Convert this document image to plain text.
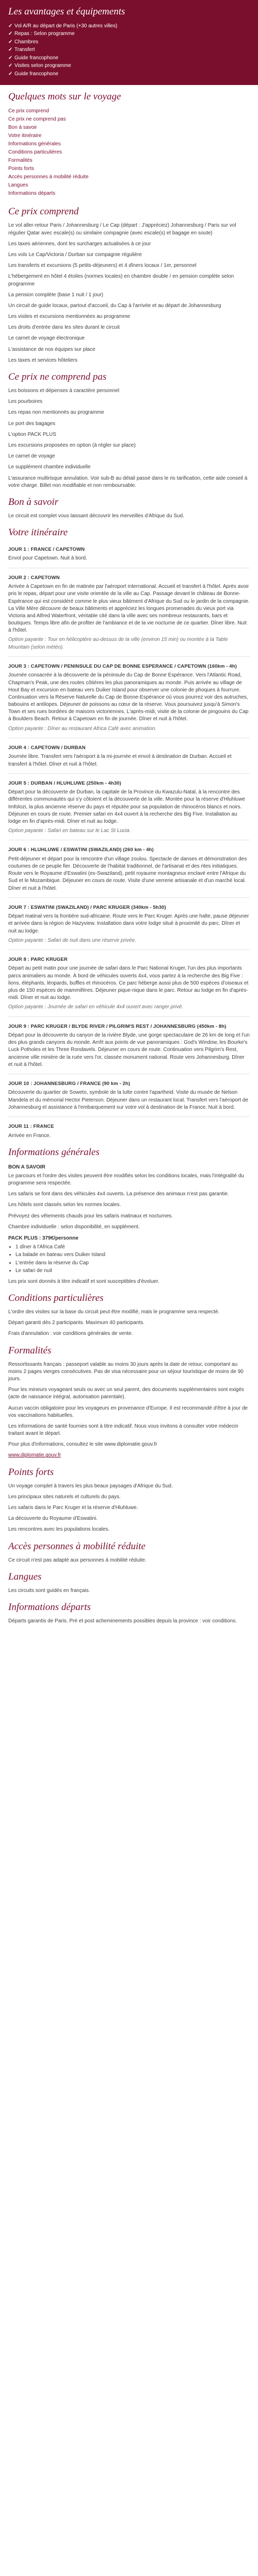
Les avantages et équipements
✓ Vol A/R au départ de Paris (+30 autres villes)
✓ Repas : Selon programme
✓ Chambres
✓ Transfert
✓ Guide francophone
✓ Visites selon programme
✓ Guide francophone
Quelques mots sur le voyage
Ce prix comprend
Ce prix ne comprend pas
Bon à savoir
Votre itinéraire
Informations générales
Conditions particulières
Formalités
Points forts
Accès personnes à mobilité réduite
Langues
Informations départs
Ce prix comprend

Le vol aller-retour Paris / Johannesburg / Le Cap (départ : J'appréciez) Johannesburg / Paris sur vol régulier Qatar avec escale(s) ou similaire compagnie (avec escale(s) et bagage en soute)

Les taxes aériennes, dont les surcharges actualisées à ce jour

Les vols Le Cap/Victoria / Durban sur compagnie régulière

Les transferts et excursions (5 petits-déjeuners) et 4 dîners locaux / 1er, personnel

L'hébergement en hôtel 4 étoiles (normes locales) en chambre double / en pension complète selon programme

La pension complète (base 1 nuit / 1 jour)

Un circuit de guide locaux, partout d'accueil, du Cap à l'arrivée et au départ de Johannesburg

Les visites et excursions mentionnées au programme

Les droits d'entrée dans les sites durant le circuit

Le carnet de voyage électronique

L'assistance de nos équipes sur place

Les taxes et services hôteliers

Ce prix ne comprend pas

Les boissons et dépenses à caractère personnel

Les pourboires

Les repas non mentionnés au programme

Le port des bagages

L'option PACK PLUS

Les excursions proposées en option (à régler sur place)

Le carnet de voyage

Le supplément chambre individuelle

L'assurance multirisque annulation. Voir sub-B au détail passé dans le ris tarification, cette aide conseil à votre charge. Billet non modifiable et non remboursable.

Bon à savoir

Le circuit est complet vous laissant découvrir les merveilles d'Afrique du Sud.

Votre itinéraire
JOUR 1 : FRANCE / CAPETOWN

Envol pour Capetown. Nuit à bord.

JOUR 2 : CAPETOWN

Arrivée à Capetown en fin de matinée par l'aéroport international. Accueil et transfert à l'hôtel. Après avoir pris le repas, départ pour une visite orientée de la ville au Cap. Passage devant le château de Bonne-Espérance qui est considéré comme le plus vieux bâtiment d'Afrique du Sud ou le jardin de la compagnie. La Ville Mère découvre de beaux bâtiments et appréciez les longues promenades du vieux port via Victoria and Alfred Waterfront, véritable cité dans la ville avec ses nombreux restaurants, bars et boutiques. Temps libre afin de profiter de l'ambiance et de la vie nocturne de ce quartier. Dîner libre. Nuit à l'hôtel.

Option payante : Tour en hélicoptère au-dessus de la ville (environ 15 min) ou montée à la Table Mountain (selon météo).

JOUR 3 : CAPETOWN / PENINSULE DU CAP DE BONNE ESPERANCE / CAPETOWN (160km - 4h)

Journée consacrée à la découverte de la péninsule du Cap de Bonne Espérance. Vers l'Atlantic Road, Chapman's Peak, une des routes côtières les plus panoramiques au monde. Puis arrivée au village de Hout Bay et excursion en bateau vers Duiker Island pour observer une colonie de phoques à fourrure. Continuation vers la Réserve Naturelle du Cap de Bonne-Espérance où vous pourrez voir des autruches, babouins et antilopes. Déjeuner de poissons au cœur de la réserve. Vous poursuivez jusqu'à Simon's Town et ses rues bordées de maisons victoriennes. L'après-midi, visite de la colonie de pingouins du Cap à Boulders Beach. Retour à Capetown en fin de journée. Dîner et nuit à l'hôtel.

Option payante : Dîner au restaurant Africa Café avec animation.

JOUR 4 : CAPETOWN / DURBAN

Journée libre. Transfert vers l'aéroport à la mi-journée et envol à destination de Durban. Accueil et transfert à l'hôtel. Dîner et nuit à l'hôtel.

JOUR 5 : DURBAN / HLUHLUWE (250km - 4h30)

Départ pour la découverte de Durban, la capitale de la Province du Kwazulu-Natal, à la rencontre des différentes communautés qui s'y côtoient et la découverte de la ville. Montée pour la réserve d'Hluhluwe Imfolozi, la plus ancienne réserve du pays et réputée pour sa population de rhinocéros blancs et noirs. Déjeuner en cours de route. Premier safari en 4x4 ouvert à la recherche des Big Five. Installation au lodge en fin d'après-midi. Dîner et nuit au lodge.

Option payante : Safari en bateau sur le Lac St Lucia.

JOUR 6 : HLUHLUWE / ESWATINI (SWAZILAND) (260 km - 4h)

Petit-déjeuner et départ pour la rencontre d'un village zoulou. Spectacle de danses et démonstration des coutumes de ce peuple fier. Découverte de l'habitat traditionnel, de l'artisanat et des rites initiatiques. Route vers le Royaume d'Eswatini (ex-Swaziland), petit royaume montagneux enclavé entre l'Afrique du Sud et le Mozambique. Déjeuner en cours de route. Visite d'une verrerie artisanale et d'un marché local. Dîner et nuit à l'hôtel.

JOUR 7 : ESWATINI (SWAZILAND) / PARC KRUGER (340km - 5h30)

Départ matinal vers la frontière sud-africaine. Route vers le Parc Kruger. Après une halte, pause déjeuner et arrivée dans la région de Hazyview. Installation dans votre lodge situé à proximité du parc. Dîner et nuit au lodge.

Option payante : Safari de nuit dans une réserve privée.

JOUR 8 : PARC KRUGER

Départ au petit matin pour une journée de safari dans le Parc National Kruger, l'un des plus importants parcs animaliers au monde. À bord de véhicules ouverts 4x4, vous partez à la recherche des Big Five : lions, éléphants, léopards, buffles et rhinocéros. Ce parc héberge aussi plus de 500 espèces d'oiseaux et plus de 150 espèces de mammifères. Déjeuner pique-nique dans le parc. Retour au lodge en fin d'après-midi. Dîner et nuit au lodge.

Option payante : Journée de safari en véhicule 4x4 ouvert avec ranger privé.

JOUR 9 : PARC KRUGER / BLYDE RIVER / PILGRIM'S REST / JOHANNESBURG (450km - 8h)

Départ pour la découverte du canyon de la rivière Blyde, une gorge spectaculaire de 26 km de long et l'un des plus grands canyons du monde. Arrêt aux points de vue panoramiques : God's Window, les Bourke's Luck Potholes et les Three Rondavels. Déjeuner en cours de route. Continuation vers Pilgrim's Rest, ancienne ville minière de la ruée vers l'or, classée monument national. Route vers Johannesburg. Dîner et nuit à l'hôtel.

JOUR 10 : JOHANNESBURG / FRANCE (90 km - 2h)

Découverte du quartier de Soweto, symbole de la lutte contre l'apartheid. Visite du musée de Nelson Mandela et du mémorial Hector Pieterson. Déjeuner dans un restaurant local. Transfert vers l'aéroport de Johannesburg et assistance à l'embarquement sur votre vol à destination de la France. Nuit à bord.

JOUR 11 : FRANCE

Arrivée en France.

Informations générales
BON A SAVOIR

Le parcours et l'ordre des visites peuvent être modifiés selon les conditions locales, mais l'intégralité du programme sera respectée.

Les safaris se font dans des véhicules 4x4 ouverts. La présence des animaux n'est pas garantie.

Les hôtels sont classés selon les normes locales.

Prévoyez des vêtements chauds pour les safaris matinaux et nocturnes.

Chambre individuelle : selon disponibilité, en supplément.

PACK PLUS : 379€/personne
• 1 dîner à l'Africa Café
• La balade en bateau vers Duiker Island
• L'entrée dans la réserve du Cap
• Le safari de nuit

Les prix sont donnés à titre indicatif et sont susceptibles d'évoluer.

Conditions particulières

L'ordre des visites sur la base du circuit peut être modifié, mais le programme sera respecté.

Départ garanti dès 2 participants. Maximum 40 participants.

Frais d'annulation : voir conditions générales de vente.

Formalités

Ressortissants français : passeport valable au moins 30 jours après la date de retour, comportant au moins 2 pages vierges consécutives. Pas de visa nécessaire pour un séjour touristique de moins de 90 jours.

Pour les mineurs voyageant seuls ou avec un seul parent, des documents supplémentaires sont exigés (acte de naissance intégral, autorisation parentale).

Aucun vaccin obligatoire pour les voyageurs en provenance d'Europe. Il est recommandé d'être à jour de vos vaccinations habituelles.

Les informations de santé fournies sont à titre indicatif. Nous vous invitons à consulter votre médecin traitant avant le départ.

Pour plus d'informations, consultez le site www.diplomatie.gouv.fr

www.diplomatie.gouv.fr

Points forts

Un voyage complet à travers les plus beaux paysages d'Afrique du Sud.

Les principaux sites naturels et culturels du pays.

Les safaris dans le Parc Kruger et la réserve d'Hluhluwe.

La découverte du Royaume d'Eswatini.

Les rencontres avec les populations locales.

Accès personnes à mobilité réduite

Ce circuit n'est pas adapté aux personnes à mobilité réduite.

Langues

Les circuits sont guidés en français.

Informations départs

Départs garantis de Paris. Pré et post acheminements possibles depuis la province : voir conditions.
